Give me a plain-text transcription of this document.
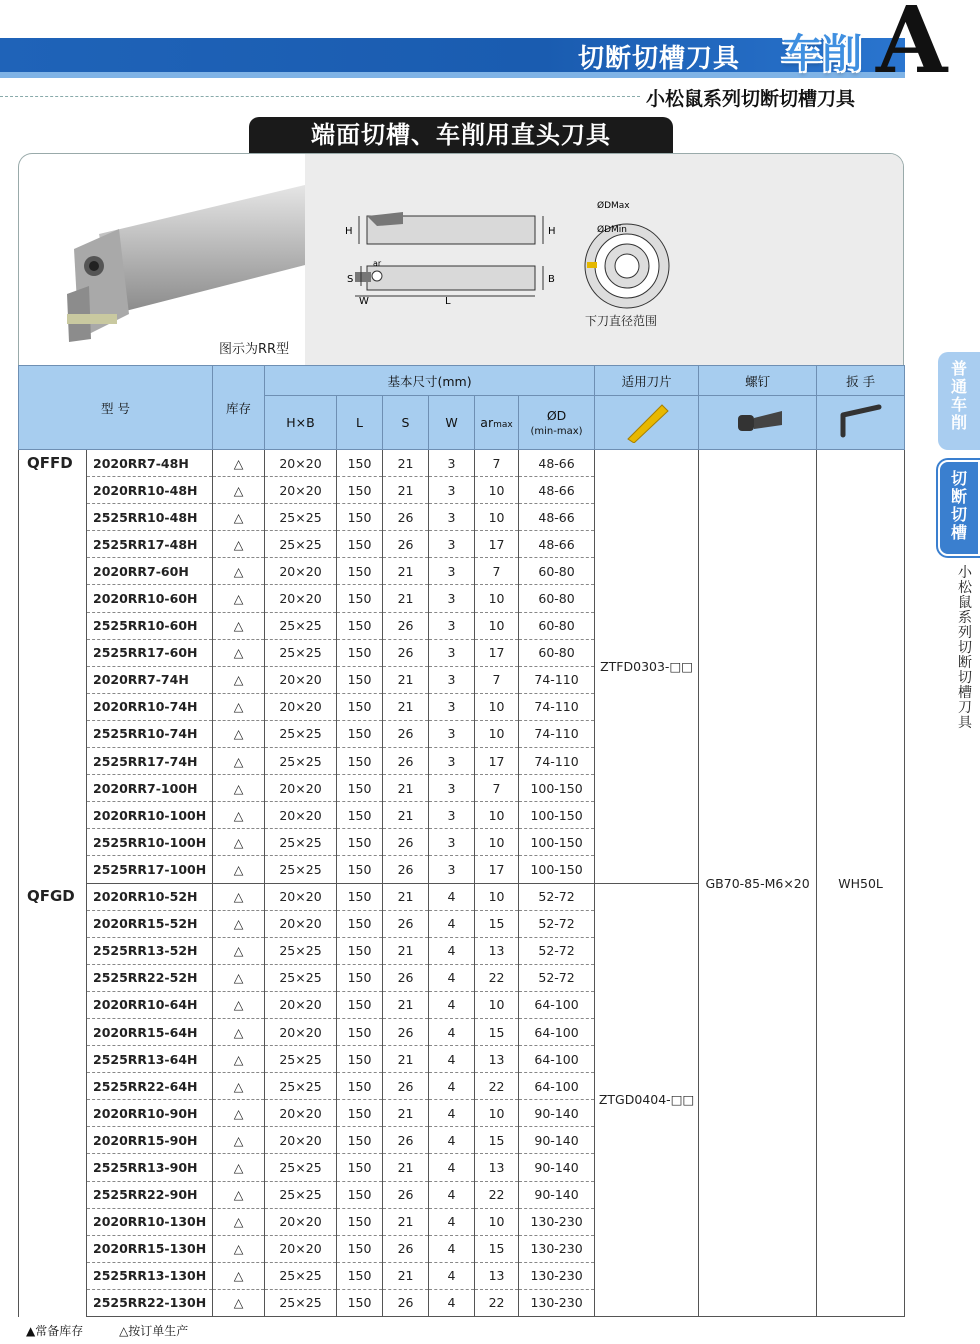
切断切槽刀具 车削 A
小松鼠系列切断切槽刀具
端面切槽、车削用直头刀具
图示为RR型
H	H
S
ar
W	L
B
ØDMax
ØDMin
下刀直径范围
型 号		库存	基本尺寸(mm)						适用刀片	螺钉	扳 手
			H×B	L	S	W	armax	ØD
(min-max)

QFFD	2020RR7-48H	△	20×20	150	21	3	7	48-66	ZTFD0303-□□	GB70-85-M6×20	WH50L
	2020RR10-48H	△	20×20	150	21	3	10	48-66			
	2525RR10-48H	△	25×25	150	26	3	10	48-66			
	2525RR17-48H	△	25×25	150	26	3	17	48-66			
	2020RR7-60H	△	20×20	150	21	3	7	60-80			
	2020RR10-60H	△	20×20	150	21	3	10	60-80			
	2525RR10-60H	△	25×25	150	26	3	10	60-80			
	2525RR17-60H	△	25×25	150	26	3	17	60-80			
	2020RR7-74H	△	20×20	150	21	3	7	74-110			
	2020RR10-74H	△	20×20	150	21	3	10	74-110			
	2525RR10-74H	△	25×25	150	26	3	10	74-110			
	2525RR17-74H	△	25×25	150	26	3	17	74-110			
	2020RR7-100H	△	20×20	150	21	3	7	100-150			
	2020RR10-100H	△	20×20	150	21	3	10	100-150			
	2525RR10-100H	△	25×25	150	26	3	10	100-150			
	2525RR17-100H	△	25×25	150	26	3	17	100-150			
QFGD	2020RR10-52H	△	20×20	150	21	4	10	52-72	ZTGD0404-□□		
	2020RR15-52H	△	20×20	150	26	4	15	52-72			
	2525RR13-52H	△	25×25	150	21	4	13	52-72			
	2525RR22-52H	△	25×25	150	26	4	22	52-72			
	2020RR10-64H	△	20×20	150	21	4	10	64-100			
	2020RR15-64H	△	20×20	150	26	4	15	64-100			
	2525RR13-64H	△	25×25	150	21	4	13	64-100			
	2525RR22-64H	△	25×25	150	26	4	22	64-100			
	2020RR10-90H	△	20×20	150	21	4	10	90-140			
	2020RR15-90H	△	20×20	150	26	4	15	90-140			
	2525RR13-90H	△	25×25	150	21	4	13	90-140			
	2525RR22-90H	△	25×25	150	26	4	22	90-140			
	2020RR10-130H	△	20×20	150	21	4	10	130-230			
	2020RR15-130H	△	20×20	150	26	4	15	130-230			
	2525RR13-130H	△	25×25	150	21	4	13	130-230			
	2525RR22-130H	△	25×25	150	26	4	22	130-230			
普通车削
切断切槽
小松鼠系列切断切槽刀具
▲常备库存	△按订单生产
